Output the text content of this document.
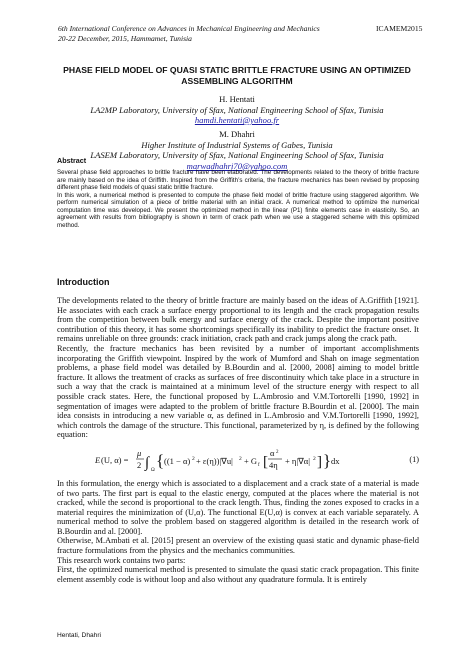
6th International Conference on Advances in Mechanical Engineering and Mechanics
20-22 December, 2015, Hammamet, Tunisia
ICAMEM2015
PHASE FIELD MODEL OF QUASI STATIC BRITTLE FRACTURE USING AN OPTIMIZED ASSEMBLING ALGORITHM
H. Hentati
LA2MP Laboratory, University of Sfax, National Engineering School of Sfax, Tunisia
hamdi.hentati@yahoo.fr
M. Dhahri
Higher Institute of Industrial Systems of Gabes, Tunisia
LASEM Laboratory, University of Sfax, National Engineering School of Sfax, Tunisia
marwadhahri70@yahoo.com
Abstract

Several phase field approaches to brittle fracture have been elaborated. The developments related to the theory of brittle fracture are mainly based on the idea of Griffith. Inspired from the Griffith’s criteria, the fracture mechanics has been revised by proposing different phase field models of quasi static brittle fracture.

In this work, a numerical method is presented to compute the phase field model of brittle fracture using staggered algorithm. We perform numerical simulation of a piece of brittle material with an initial crack. A numerical method to optimize the numerical computation time was developed. We present the optimized method in the linear (P1) finite elements case in elasticity. So, an agreement with results from bibliography is shown in term of crack path when we use a staggered scheme with this optimized method.

Introduction

The developments related to the theory of brittle fracture are mainly based on the ideas of A.Griffith [1921]. He associates with each crack a surface energy proportional to its length and the crack propagation results from the competition between bulk energy and surface energy of the crack. Despite the important positive contribution of this theory, it has some shortcomings specifically its inability to predict the fracture onset. It remains unreliable on three grounds: crack initiation, crack path and crack jumps along the crack path.

Recently, the fracture mechanics has been revisited by a number of important accomplishments incorporating the Griffith viewpoint. Inspired by the work of Mumford and Shah on image segmentation problems, a phase field model was detailed by B.Bourdin and al. [2000, 2008] aiming to model brittle fracture. It allows the treatment of cracks as surfaces of free discontinuity which take place in a structure in such a way that the crack is maintained at a minimum level of the structure energy with respect to all possible crack states. Here, the functional proposed by L.Ambrosio and V.M.Tortorelli [1990, 1992] in segmentation of images were adapted to the problem of brittle fracture B.Bourdin et al. [2000]. The main idea consists in introducing a new variable α, as defined in L.Ambrosio and V.M.Tortorelli [1990, 1992], which controls the damage of the structure. This functional, parameterized by η, is defined by the following equation:

E (U, α) =
μ
2 ∫ Ω
{ ((1 − α) 2 + ε(η))|∇u| 2 + G f [
α 2
4η + η|∇α| 2 ] } dx	(1)

In this formulation, the energy which is associated to a displacement and a crack state of a material is made of two parts. The first part is equal to the elastic energy, computed at the places where the material is not cracked, while the second is proportional to the crack length. Thus, finding the zones exposed to cracks in a material requires the minimization of (U,α). The functional E(U,α) is convex at each variable separately. A numerical method to solve the problem based on staggered algorithm is detailed in the research work of B.Bourdin and al. [2000].

Otherwise, M.Ambati et al. [2015] present an overview of the existing quasi static and dynamic phase-field fracture formulations from the physics and the mechanics communities.

This research work contains two parts:

First, the optimized numerical method is presented to simulate the quasi static crack propagation. This finite element assembly code is without loop and also without any quadrature formula. It is entirely

Hentati, Dhahri
